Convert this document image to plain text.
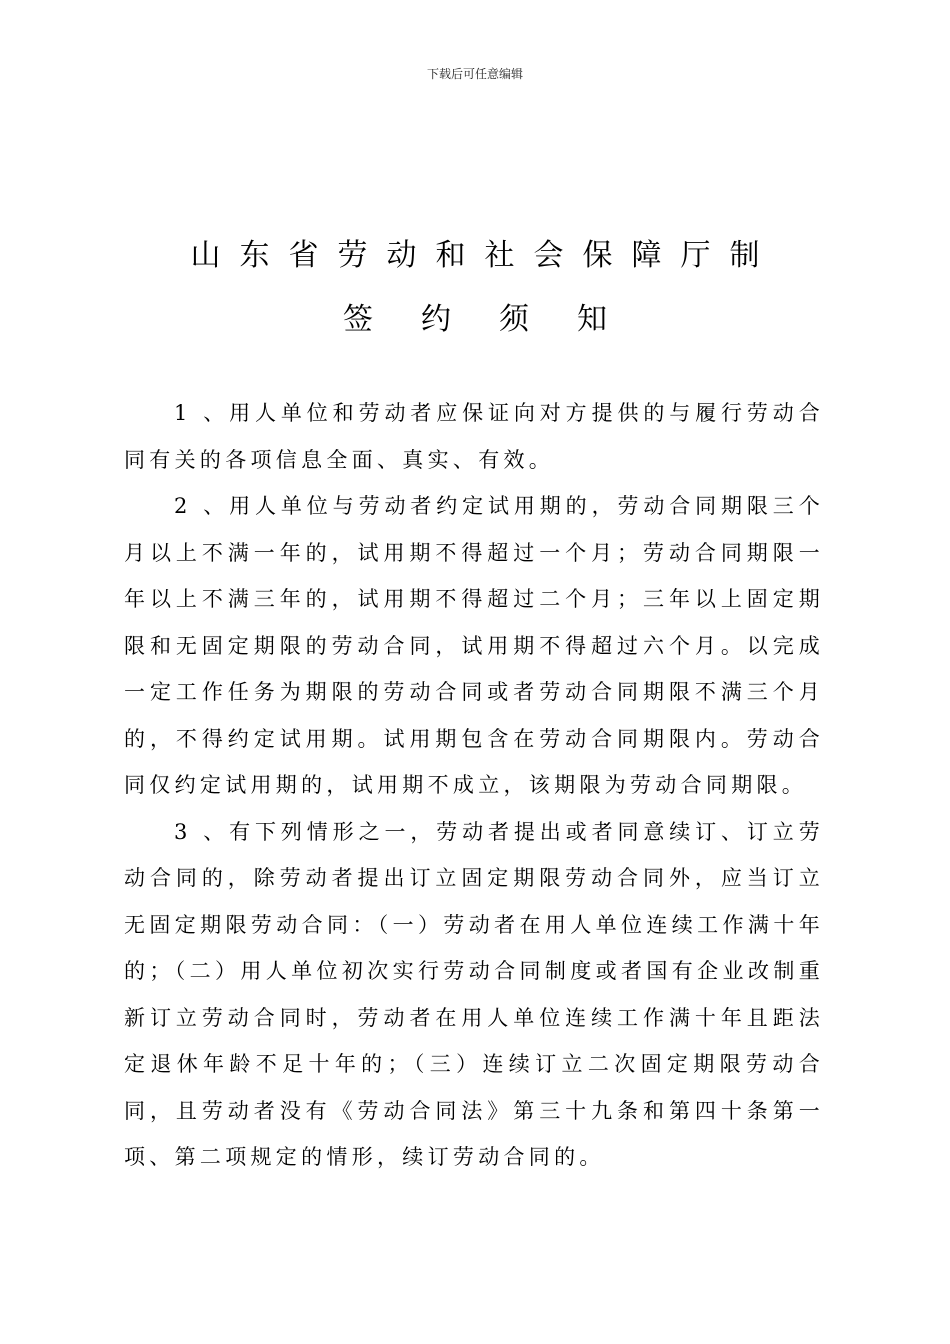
下载后可任意编辑
山东省劳动和社会保障厅制
签约须知

1 、用人单位和劳动者应保证向对方提供的与履行劳动合同有关的各项信息全面、真实、有效。

2 、用人单位与劳动者约定试用期的，劳动合同期限三个月以上不满一年的，试用期不得超过一个月；劳动合同期限一年以上不满三年的，试用期不得超过二个月；三年以上固定期限和无固定期限的劳动合同，试用期不得超过六个月。以完成一定工作任务为期限的劳动合同或者劳动合同期限不满三个月的，不得约定试用期。试用期包含在劳动合同期限内。劳动合同仅约定试用期的，试用期不成立，该期限为劳动合同期限。

3 、有下列情形之一，劳动者提出或者同意续订、订立劳动合同的，除劳动者提出订立固定期限劳动合同外，应当订立无固定期限劳动合同：（一）劳动者在用人单位连续工作满十年的；（二）用人单位初次实行劳动合同制度或者国有企业改制重新订立劳动合同时，劳动者在用人单位连续工作满十年且距法定退休年龄不足十年的；（三）连续订立二次固定期限劳动合同，且劳动者没有《劳动合同法》第三十九条和第四十条第一项、第二项规定的情形，续订劳动合同的。
